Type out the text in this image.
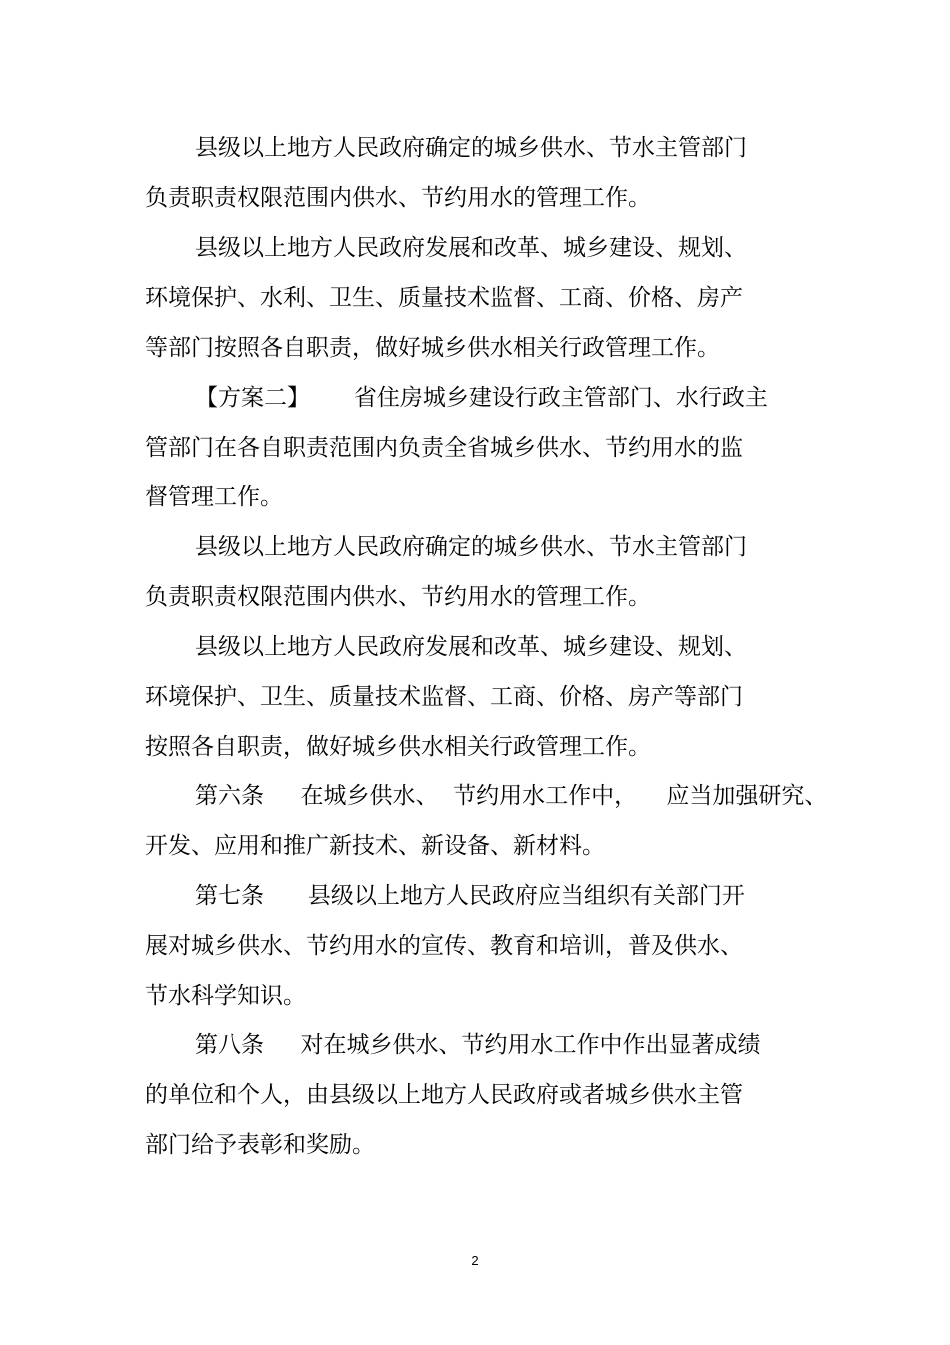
县级以上地方人民政府确定的城乡供水、节水主管部门
负责职责权限范围内供水、节约用水的管理工作。
县级以上地方人民政府发展和改革、城乡建设、规划、
环境保护、水利、卫生、质量技术监督、工商、价格、房产
等部门按照各自职责，做好城乡供水相关行政管理工作。
【方案二】      省住房城乡建设行政主管部门、水行政主
管部门在各自职责范围内负责全省城乡供水、节约用水的监
督管理工作。
县级以上地方人民政府确定的城乡供水、节水主管部门
负责职责权限范围内供水、节约用水的管理工作。
县级以上地方人民政府发展和改革、城乡建设、规划、
环境保护、卫生、质量技术监督、工商、价格、房产等部门
按照各自职责，做好城乡供水相关行政管理工作。
第六条     在城乡供水、  节约用水工作中，    应当加强研究、
开发、应用和推广新技术、新设备、新材料。
第七条      县级以上地方人民政府应当组织有关部门开
展对城乡供水、节约用水的宣传、教育和培训，普及供水、
节水科学知识。
第八条     对在城乡供水、节约用水工作中作出显著成绩
的单位和个人，由县级以上地方人民政府或者城乡供水主管
部门给予表彰和奖励。
2
